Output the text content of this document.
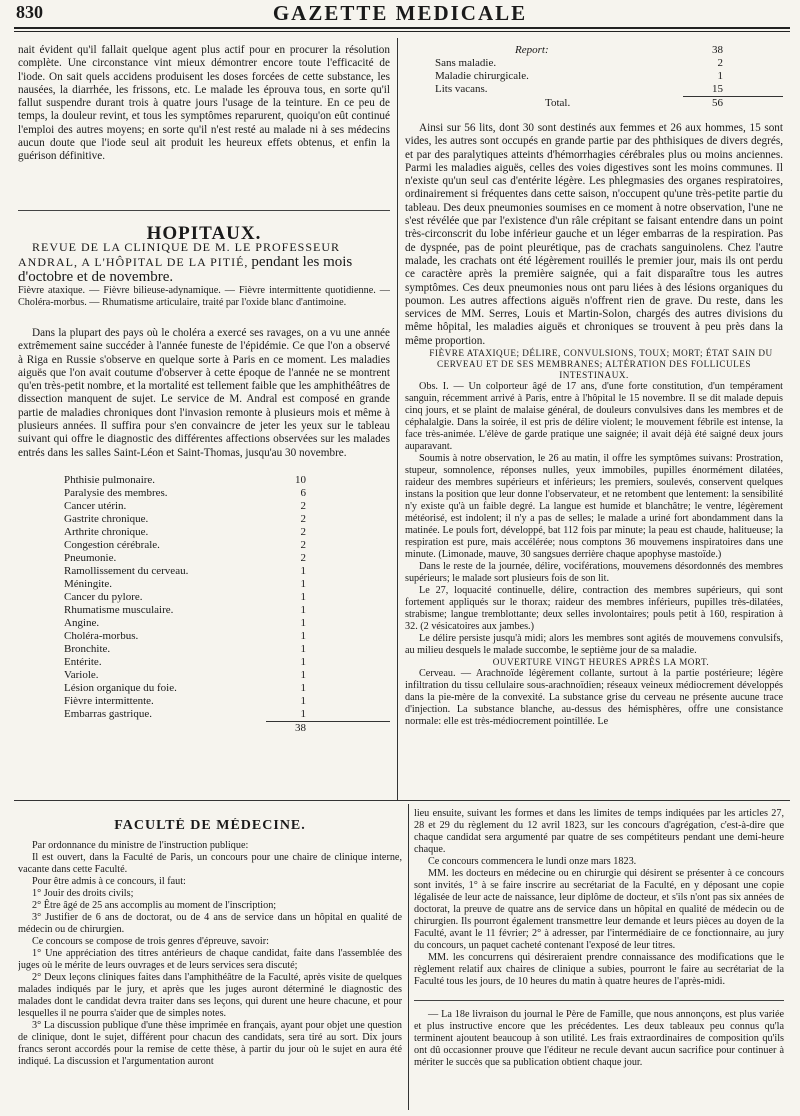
830	GAZETTE MEDICALE

nait évident qu'il fallait quelque agent plus actif pour en procurer la résolution complète. Une circonstance vint mieux démontrer encore toute l'efficacité de l'iode. On sait quels accidens produisent les doses forcées de cette substance, les nausées, la diarrhée, les frissons, etc. Le malade les éprouva tous, en sorte qu'il fallut suspendre durant trois à quatre jours l'usage de la teinture. En ce peu de temps, la douleur revint, et tous les symptômes reparurent, quoiqu'on eût continué l'emploi des autres moyens; en sorte qu'il n'est resté au malade ni à ses médecins aucun doute que l'iode seul ait produit les heureux effets obtenus, et enfin la guérison définitive.

HOPITAUX.

REVUE DE LA CLINIQUE DE M. LE PROFESSEUR ANDRAL, A L'HÔPITAL DE LA PITIÉ, pendant les mois d'octobre et de novembre.

Fièvre ataxique. — Fièvre bilieuse-adynamique. — Fièvre intermittente quotidienne. — Choléra-morbus. — Rhumatisme articulaire, traité par l'oxide blanc d'antimoine.

Dans la plupart des pays où le choléra a exercé ses ravages, on a vu une année extrêmement saine succéder à l'année funeste de l'épidémie. Ce que l'on a observé à Riga en Russie s'observe en quelque sorte à Paris en ce moment. Les maladies aiguës que l'on avait coutume d'observer à cette époque de l'année ne se montrent qu'en très-petit nombre, et la mortalité est tellement faible que les amphithéâtres de dissection manquent de sujet. Le service de M. Andral est composé en grande partie de maladies chroniques dont l'invasion remonte à plusieurs mois et même à plusieurs années. Il suffira pour s'en convaincre de jeter les yeux sur le tableau suivant qui offre le diagnostic des différentes affections observées sur les malades entrés dans les salles Saint-Léon et Saint-Thomas, jusqu'au 30 novembre.

Phthisie pulmonaire.	10
Paralysie des membres.	6
Cancer utérin.	2
Gastrite chronique.	2
Arthrite chronique.	2
Congestion cérébrale.	2
Pneumonie.	2
Ramollissement du cerveau.	1
Méningite.	1
Cancer du pylore.	1
Rhumatisme musculaire.	1
Angine.	1
Choléra-morbus.	1
Bronchite.	1
Entérite.	1
Variole.	1
Lésion organique du foie.	1
Fièvre intermittente.	1
Embarras gastrique.	1
	38
Report:	38
Sans maladie.	2
Maladie chirurgicale.	1
Lits vacans.	15
Total.	56

Ainsi sur 56 lits, dont 30 sont destinés aux femmes et 26 aux hommes, 15 sont vides, les autres sont occupés en grande partie par des phthisiques de divers degrés, et par des paralytiques atteints d'hémorrhagies cérébrales plus ou moins anciennes. Parmi les maladies aiguës, celles des voies digestives sont les moins communes. Il n'existe qu'un seul cas d'entérite légère. Les phlegmasies des organes respiratoires, ordinairement si fréquentes dans cette saison, n'occupent qu'une très-petite partie du tableau. Des deux pneumonies soumises en ce moment à notre observation, l'une ne s'est révélée que par l'existence d'un râle crépitant se faisant entendre dans un point très-circonscrit du lobe inférieur gauche et un léger embarras de la respiration. Pas de dyspnée, pas de point pleurétique, pas de crachats sanguinolens. Chez l'autre malade, les crachats ont été légèrement rouillés le premier jour, mais ils ont perdu ce caractère après la première saignée, qui a fait disparaître tous les autres symptômes. Ces deux pneumonies nous ont paru liées à des lésions organiques du poumon. Les autres affections aiguës n'offrent rien de grave. Du reste, dans les services de MM. Serres, Louis et Martin-Solon, chargés des autres divisions du même hôpital, les maladies aiguës et chroniques se trouvent à peu près dans la même proportion.

FIÈVRE ATAXIQUE; DÉLIRE, CONVULSIONS, TOUX; MORT; ÉTAT SAIN DU CERVEAU ET DE SES MEMBRANES; ALTÉRATION DES FOLLICULES INTESTINAUX.

Obs. I. — Un colporteur âgé de 17 ans, d'une forte constitution, d'un tempérament sanguin, récemment arrivé à Paris, entre à l'hôpital le 15 novembre. Il se dit malade depuis cinq jours, et se plaint de malaise général, de douleurs convulsives dans les membres et de céphalalgie. Dans la soirée, il est pris de délire violent; le mouvement fébrile est intense, la face très-animée. L'élève de garde pratique une saignée; il avait déjà été saigné deux jours auparavant.

Soumis à notre observation, le 26 au matin, il offre les symptômes suivans: Prostration, stupeur, somnolence, réponses nulles, yeux immobiles, pupilles énormément dilatées, raideur des membres supérieurs et inférieurs; les premiers, soulevés, conservent quelques instans la position que leur donne l'observateur, et ne retombent que lentement: la sensibilité n'y existe qu'à un faible degré. La langue est humide et blanchâtre; le ventre, légèrement météorisé, est indolent; il n'y a pas de selles; le malade a uriné fort abondamment dans la matinée. Le pouls fort, développé, bat 112 fois par minute; la peau est chaude, halitueuse; la respiration est pure, mais accélérée; nous comptons 36 mouvemens inspiratoires dans une minute. (Limonade, mauve, 30 sangsues derrière chaque apophyse mastoïde.)

Dans le reste de la journée, délire, vociférations, mouvemens désordonnés des membres supérieurs; le malade sort plusieurs fois de son lit.

Le 27, loquacité continuelle, délire, contraction des membres supérieurs, qui sont fortement appliqués sur le thorax; raideur des membres inférieurs, pupilles très-dilatées, strabisme; langue tremblottante; deux selles involontaires; pouls petit à 160, respiration à 32. (2 vésicatoires aux jambes.)

Le délire persiste jusqu'à midi; alors les membres sont agités de mouvemens convulsifs, au milieu desquels le malade succombe, le septième jour de sa maladie.

OUVERTURE VINGT HEURES APRÈS LA MORT.

Cerveau. — Arachnoïde légèrement collante, surtout à la partie postérieure; légère infiltration du tissu cellulaire sous-arachnoïdien; réseaux veineux médiocrement développés dans la pie-mère de la convexité. La substance grise du cerveau ne présente aucune trace d'injection. La substance blanche, au-dessus des hémisphères, offre une consistance normale: elle est très-médiocrement pointillée. Le

FACULTÉ DE MÉDECINE.

Par ordonnance du ministre de l'instruction publique:

Il est ouvert, dans la Faculté de Paris, un concours pour une chaire de clinique interne, vacante dans cette Faculté.

Pour être admis à ce concours, il faut:

1° Jouir des droits civils;

2° Être âgé de 25 ans accomplis au moment de l'inscription;

3° Justifier de 6 ans de doctorat, ou de 4 ans de service dans un hôpital en qualité de médecin ou de chirurgien.

Ce concours se compose de trois genres d'épreuve, savoir:

1° Une appréciation des titres antérieurs de chaque candidat, faite dans l'assemblée des juges où le mérite de leurs ouvrages et de leurs services sera discuté;

2° Deux leçons cliniques faites dans l'amphithéâtre de la Faculté, après visite de quelques malades indiqués par le jury, et après que les juges auront déterminé le diagnostic des malades dont le candidat devra traiter dans ses leçons, qui durent une heure chacune, et pour lesquelles il ne pourra s'aider que de simples notes.

3° La discussion publique d'une thèse imprimée en français, ayant pour objet une question de clinique, dont le sujet, différent pour chacun des candidats, sera tiré au sort. Dix jours francs seront accordés pour la remise de cette thèse, à partir du jour où le sujet en aura été indiqué. La discussion et l'argumentation auront

lieu ensuite, suivant les formes et dans les limites de temps indiquées par les articles 27, 28 et 29 du règlement du 12 avril 1823, sur les concours d'agrégation, c'est-à-dire que chaque candidat sera argumenté par quatre de ses compétiteurs pendant une demi-heure chaque.

Ce concours commencera le lundi onze mars 1823.

MM. les docteurs en médecine ou en chirurgie qui désirent se présenter à ce concours sont invités, 1° à se faire inscrire au secrétariat de la Faculté, en y déposant une copie légalisée de leur acte de naissance, leur diplôme de docteur, et s'ils n'ont pas six années de doctorat, la preuve de quatre ans de service dans un hôpital en qualité de médecin ou de chirurgien. Ils pourront également transmettre leur demande et leurs pièces au doyen de la Faculté, avant le 11 février; 2° à adresser, par l'intermédiaire de ce fonctionnaire, au jury du concours, un paquet cacheté contenant l'exposé de leur titres.

MM. les concurrens qui désireraient prendre connaissance des modifications que le règlement relatif aux chaires de clinique a subies, pourront le faire au secrétariat de la Faculté tous les jours, de 10 heures du matin à quatre heures de l'après-midi.

— La 18e livraison du journal le Père de Famille, que nous annonçons, est plus variée et plus instructive encore que les précédentes. Les deux tableaux peu connus qu'la terminent ajoutent beaucoup à son utilité. Les frais extraordinaires de composition qu'ils ont dû occasionner prouve que l'éditeur ne recule devant aucun sacrifice pour continuer à mériter le succès que sa publication obtient chaque jour.
